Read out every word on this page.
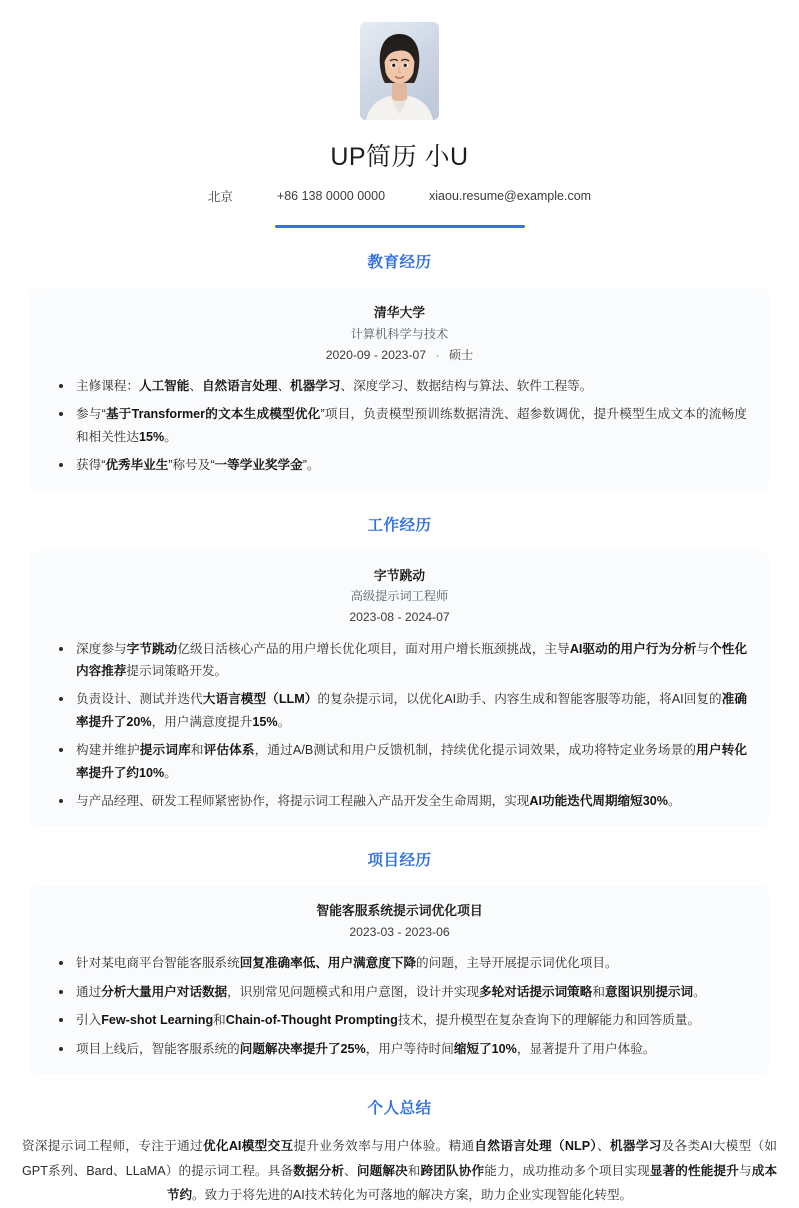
UP简历 小U
北京	+86 138 0000 0000	xiaou.resume@example.com
教育经历
清华大学
计算机科学与技术
2020-09 - 2023-07 · 硕士
主修课程：人工智能、自然语言处理、机器学习、深度学习、数据结构与算法、软件工程等。
参与“基于Transformer的文本生成模型优化”项目，负责模型预训练数据清洗、超参数调优，提升模型生成文本的流畅度和相关性达15%。
获得“优秀毕业生”称号及“一等学业奖学金”。
工作经历
字节跳动
高级提示词工程师
2023-08 - 2024-07
深度参与字节跳动亿级日活核心产品的用户增长优化项目，面对用户增长瓶颈挑战，主导AI驱动的用户行为分析与个性化内容推荐提示词策略开发。
负责设计、测试并迭代大语言模型（LLM）的复杂提示词，以优化AI助手、内容生成和智能客服等功能，将AI回复的准确率提升了20%，用户满意度提升15%。
构建并维护提示词库和评估体系，通过A/B测试和用户反馈机制，持续优化提示词效果，成功将特定业务场景的用户转化率提升了约10%。
与产品经理、研发工程师紧密协作，将提示词工程融入产品开发全生命周期，实现AI功能迭代周期缩短30%。
项目经历
智能客服系统提示词优化项目
2023-03 - 2023-06
针对某电商平台智能客服系统回复准确率低、用户满意度下降的问题，主导开展提示词优化项目。
通过分析大量用户对话数据，识别常见问题模式和用户意图，设计并实现多轮对话提示词策略和意图识别提示词。
引入Few-shot Learning和Chain-of-Thought Prompting技术，提升模型在复杂查询下的理解能力和回答质量。
项目上线后，智能客服系统的问题解决率提升了25%，用户等待时间缩短了10%，显著提升了用户体验。
个人总结
资深提示词工程师，专注于通过优化AI模型交互提升业务效率与用户体验。精通自然语言处理（NLP）、机器学习及各类AI大模型（如GPT系列、Bard、LLaMA）的提示词工程。具备数据分析、问题解决和跨团队协作能力，成功推动多个项目实现显著的性能提升与成本节约。致力于将先进的AI技术转化为可落地的解决方案，助力企业实现智能化转型。
